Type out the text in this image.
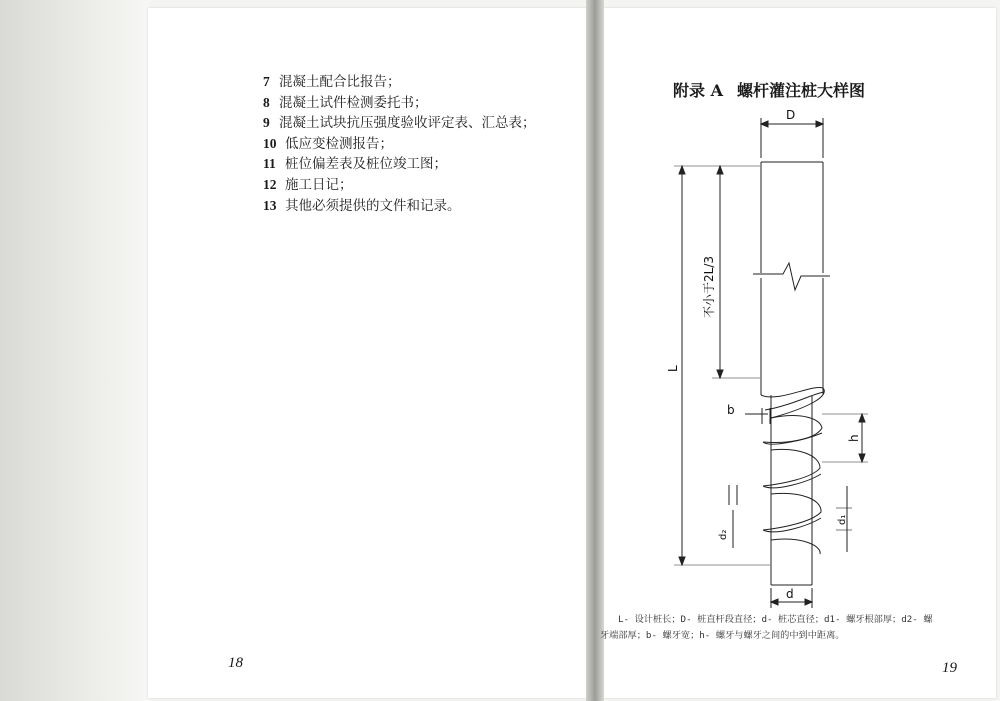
7 混凝土配合比报告；
8 混凝土试件检测委托书；
9 混凝土试块抗压强度验收评定表、汇总表；
10 低应变检测报告；
11 桩位偏差表及桩位竣工图；
12 施工日记；
13 其他必须提供的文件和记录。
18
附录 A 螺杆灌注桩大样图
D
不小于2L/3
L
b
h
d₁
d₂
d
L- 设计桩长；D- 桩直杆段直径；d- 桩芯直径；d1- 螺牙根部厚；d2- 螺
牙端部厚；b- 螺牙宽；h- 螺牙与螺牙之间的中到中距离。
19
